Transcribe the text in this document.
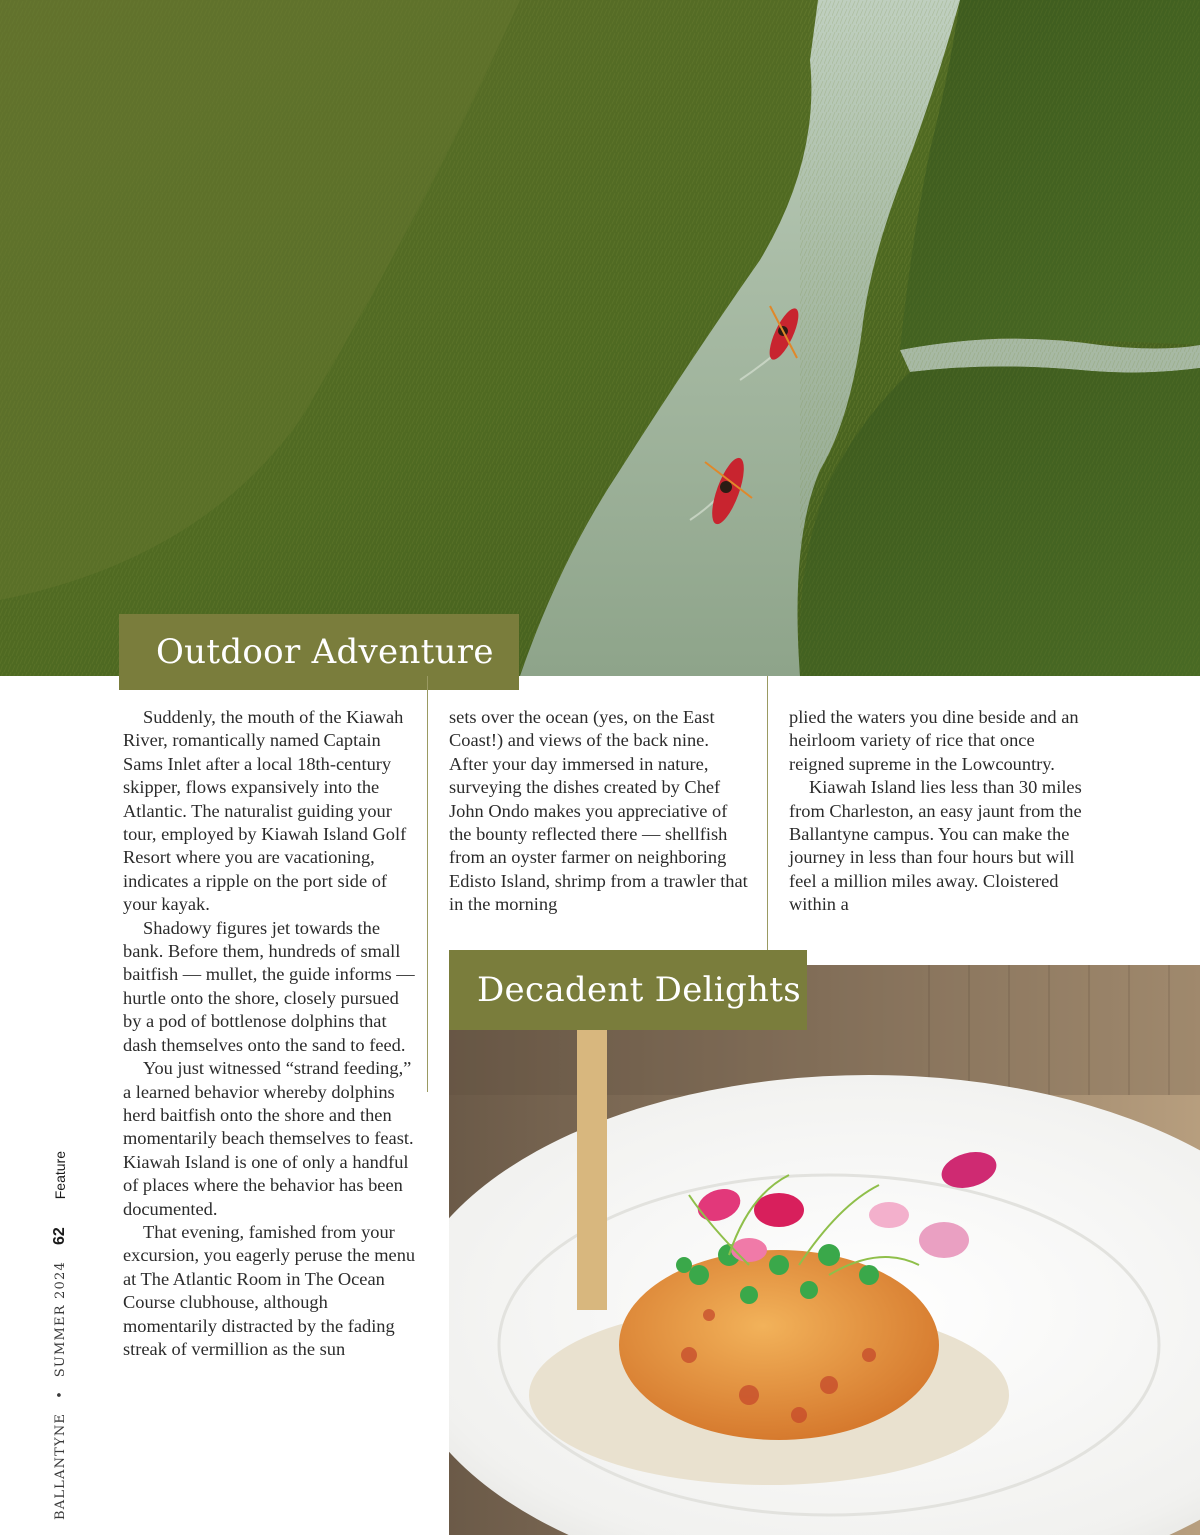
Outdoor Adventure

Suddenly, the mouth of the Kiawah River, romantically named Captain Sams Inlet after a local 18th-century skipper, flows expansively into the Atlantic. The naturalist guiding your tour, employed by Kiawah Island Golf Resort where you are vacationing, indicates a ripple on the port side of your kayak.

Shadowy figures jet towards the bank. Before them, hundreds of small baitfish — mullet, the guide informs — hurtle onto the shore, closely pursued by a pod of bottlenose dolphins that dash themselves onto the sand to feed.

You just witnessed “strand feeding,” a learned behavior whereby dolphins herd baitfish onto the shore and then momentarily beach themselves to feast. Kiawah Island is one of only a handful of places where the behavior has been documented.

That evening, famished from your excursion, you eagerly peruse the menu at The Atlantic Room in The Ocean Course clubhouse, although momentarily distracted by the fading streak of vermillion as the sun

sets over the ocean (yes, on the East Coast!) and views of the back nine. After your day immersed in nature, surveying the dishes created by Chef John Ondo makes you appreciative of the bounty reflected there — shellfish from an oyster farmer on neighboring Edisto Island, shrimp from a trawler that in the morning

plied the waters you dine beside and an heirloom variety of rice that once reigned supreme in the Lowcountry.

Kiawah Island lies less than 30 miles from Charleston, an easy jaunt from the Ballantyne campus. You can make the journey in less than four hours but will feel a million miles away. Cloistered within a

Decadent Delights
BALLANTYNE
•
SUMMER 2024
62
Feature
